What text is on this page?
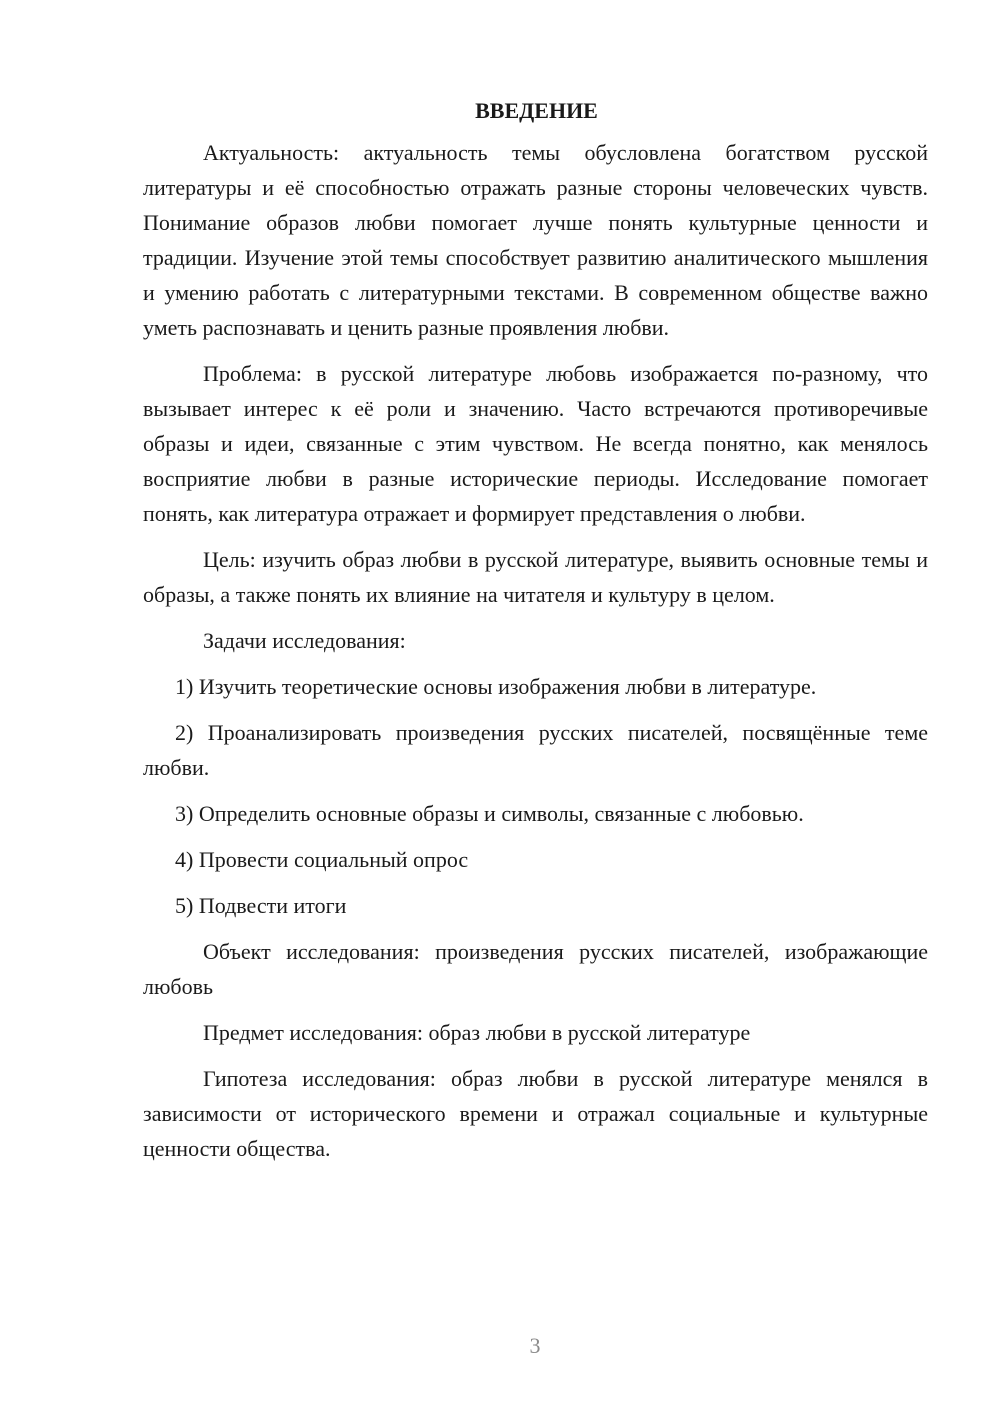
ВВЕДЕНИЕ

Актуальность: актуальность темы обусловлена богатством русской литературы и её способностью отражать разные стороны человеческих чувств. Понимание образов любви помогает лучше понять культурные ценности и традиции. Изучение этой темы способствует развитию аналитического мышления и умению работать с литературными текстами. В современном обществе важно уметь распознавать и ценить разные проявления любви.

Проблема: в русской литературе любовь изображается по-разному, что вызывает интерес к её роли и значению. Часто встречаются противоречивые образы и идеи, связанные с этим чувством. Не всегда понятно, как менялось восприятие любви в разные исторические периоды. Исследование помогает понять, как литература отражает и формирует представления о любви.

Цель: изучить образ любви в русской литературе, выявить основные темы и образы, а также понять их влияние на читателя и культуру в целом.

Задачи исследования:

1) Изучить теоретические основы изображения любви в литературе.

2) Проанализировать произведения русских писателей, посвящённые теме любви.

3) Определить основные образы и символы, связанные с любовью.

4) Провести социальный опрос

5) Подвести итоги

Объект исследования: произведения русских писателей, изображающие любовь

Предмет исследования: образ любви в русской литературе

Гипотеза исследования: образ любви в русской литературе менялся в зависимости от исторического времени и отражал социальные и культурные ценности общества.

3
